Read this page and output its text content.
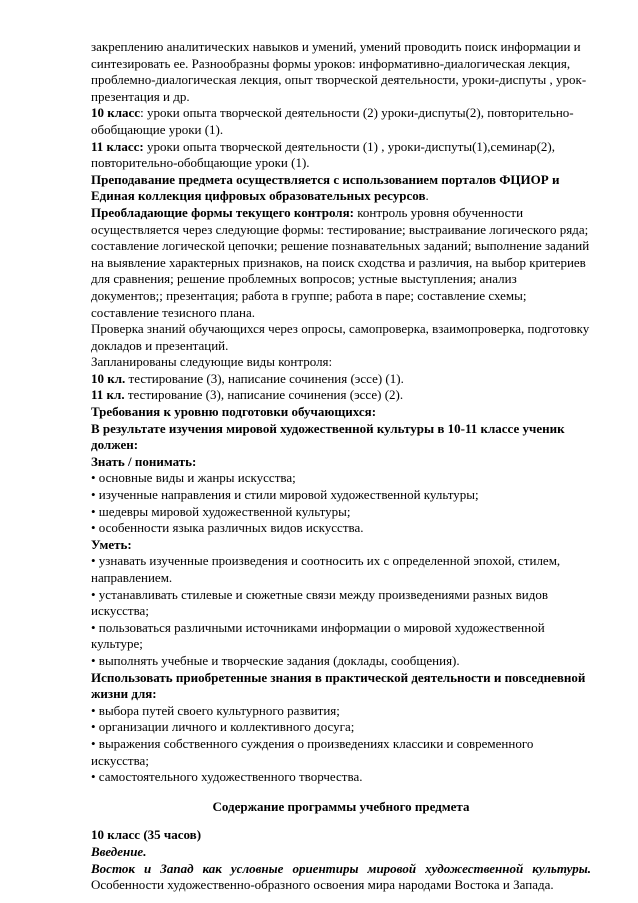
закреплению аналитических навыков и умений, умений проводить поиск информации и синтезировать ее. Разнообразны формы уроков: информативно-диалогическая лекция, проблемно-диалогическая лекция, опыт творческой деятельности, уроки-диспуты , урок-презентация и др.

10 класс: уроки опыта творческой деятельности (2) уроки-диспуты(2), повторительно-обобщающие уроки (1).

11 класс: уроки опыта творческой деятельности (1) , уроки-диспуты(1),семинар(2), повторительно-обобщающие уроки (1).

Преподавание предмета осуществляется с использованием порталов ФЦИОР и Единая коллекция цифровых образовательных ресурсов.

Преобладающие формы текущего контроля: контроль уровня обученности осуществляется через следующие формы: тестирование; выстраивание логического ряда; составление логической цепочки; решение познавательных заданий; выполнение заданий на выявление характерных признаков, на поиск сходства и различия, на выбор критериев для сравнения; решение проблемных вопросов; устные выступления; анализ документов;; презентация; работа в группе; работа в паре; составление схемы; составление тезисного плана.

Проверка знаний обучающихся через опросы, самопроверка, взаимопроверка, подготовку докладов и презентаций.

Запланированы следующие виды контроля:

10 кл. тестирование (3), написание сочинения (эссе) (1).

11 кл. тестирование (3), написание сочинения (эссе) (2).

Требования к уровню подготовки обучающихся:

В результате изучения мировой художественной культуры в 10-11 классе ученик должен:

Знать / понимать:

• основные виды и жанры искусства;

• изученные направления и стили мировой художественной культуры;

• шедевры мировой художественной культуры;

• особенности языка различных видов искусства.

Уметь:

• узнавать изученные произведения и соотносить их с определенной эпохой, стилем, направлением.

• устанавливать стилевые и сюжетные связи между произведениями разных видов искусства;

• пользоваться различными источниками информации о мировой художественной культуре;

• выполнять учебные и творческие задания (доклады, сообщения).

Использовать приобретенные знания в практической деятельности и повседневной жизни для:

• выбора путей своего культурного развития;

• организации личного и коллективного досуга;

• выражения собственного суждения о произведениях классики и современного искусства;

• самостоятельного художественного творчества.

Содержание программы учебного предмета

10 класс (35 часов)

Введение.

Восток и Запад как условные ориентиры мировой художественной культуры.

Особенности художественно-образного освоения мира народами Востока и Запада.
